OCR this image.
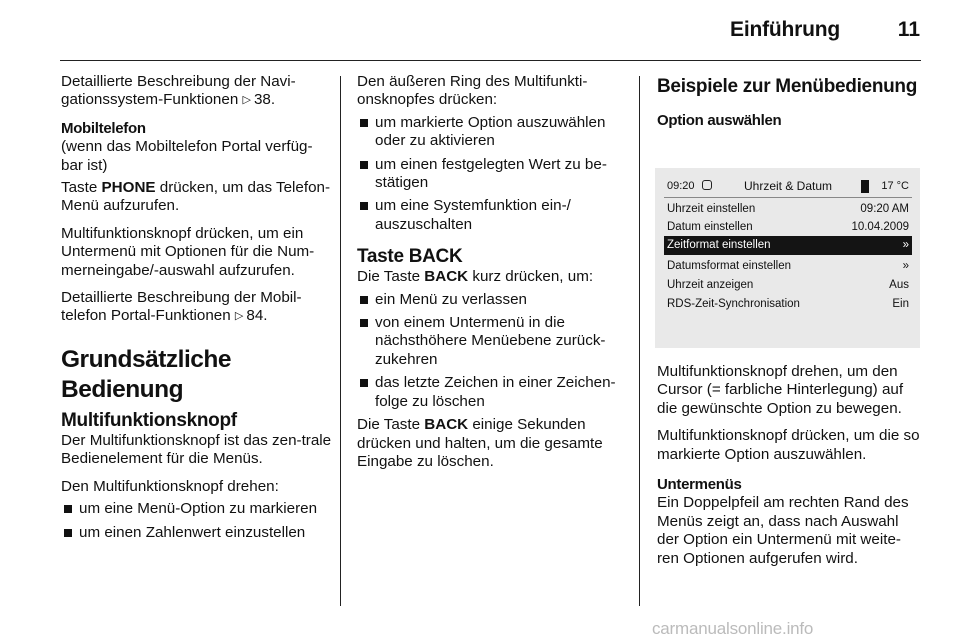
Einführung	11

Detaillierte Beschreibung der Navi-gationssystem-Funktionen ▷ 38.

Mobiltelefon
(wenn das Mobiltelefon Portal verfüg-bar ist)

Taste PHONE drücken, um das Telefon-Menü aufzurufen.

Multifunktionsknopf drücken, um ein Untermenü mit Optionen für die Num-merneingabe/-auswahl aufzurufen.

Detaillierte Beschreibung der Mobil-telefon Portal-Funktionen ▷ 84.

Grundsätzliche Bedienung
Multifunktionsknopf

Der Multifunktionsknopf ist das zen-trale Bedienelement für die Menüs.

Den Multifunktionsknopf drehen:

um eine Menü-Option zu markieren
um einen Zahlenwert einzustellen

Den äußeren Ring des Multifunkti-onsknopfes drücken:

um markierte Option auszuwählen oder zu aktivieren
um einen festgelegten Wert zu be-stätigen
um eine Systemfunktion ein-/ auszuschalten
Taste BACK

Die Taste BACK kurz drücken, um:

ein Menü zu verlassen
von einem Untermenü in die nächsthöhere Menüebene zurück-zukehren
das letzte Zeichen in einer Zeichen-folge zu löschen

Die Taste BACK einige Sekunden drücken und halten, um die gesamte Eingabe zu löschen.

Beispiele zur Menübedienung
Option auswählen
09:20	Uhrzeit & Datum	17 °C
Uhrzeit einstellen	09:20 AM
Datum einstellen	10.04.2009
Zeitformat einstellen	»
Datumsformat einstellen	»
Uhrzeit anzeigen	Aus
RDS-Zeit-Synchronisation	Ein

Multifunktionsknopf drehen, um den Cursor (= farbliche Hinterlegung) auf die gewünschte Option zu bewegen.

Multifunktionsknopf drücken, um die so markierte Option auszuwählen.

Untermenüs

Ein Doppelpfeil am rechten Rand des Menüs zeigt an, dass nach Auswahl der Option ein Untermenü mit weite-ren Optionen aufgerufen wird.

carmanualsonline.info
